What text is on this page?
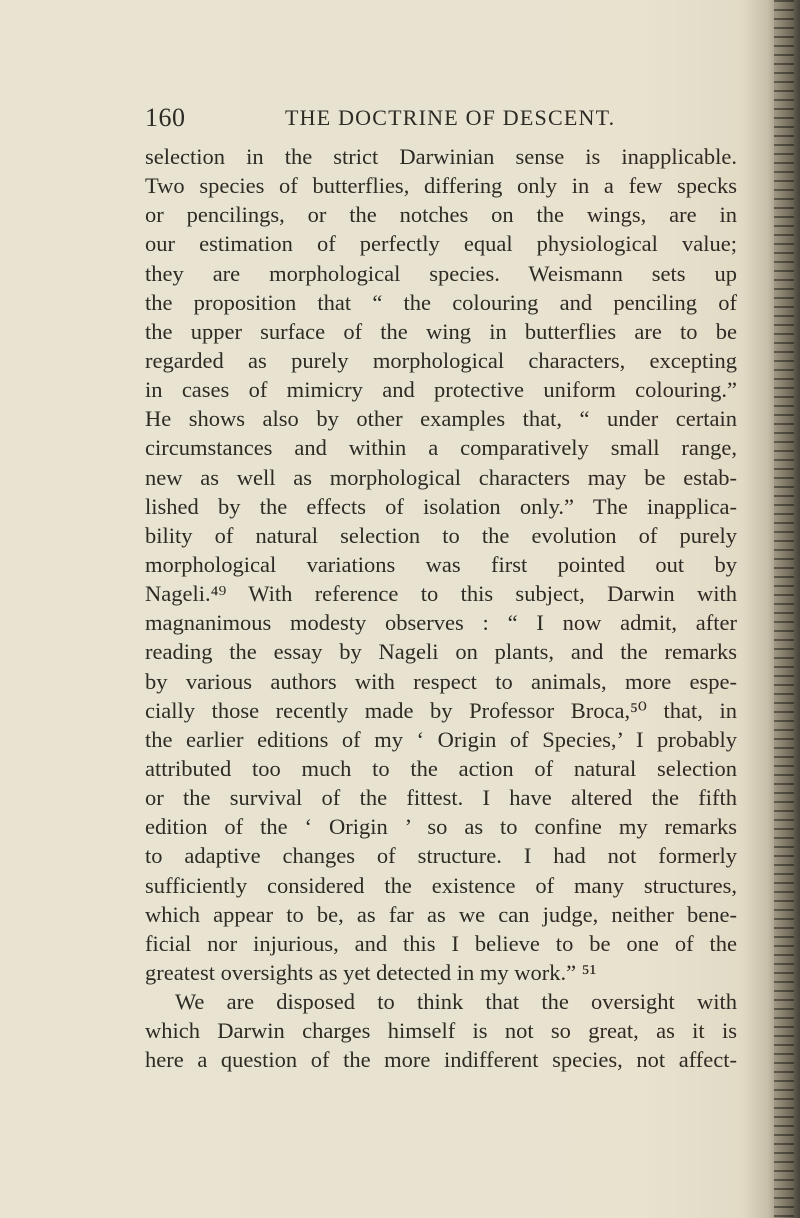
160	THE DOCTRINE OF DESCENT.
selection in the strict Darwinian sense is inapplicable.
Two species of butterflies, differing only in a few specks
or pencilings, or the notches on the wings, are in
our estimation of perfectly equal physiological value;
they are morphological species. Weismann sets up
the proposition that “ the colouring and penciling of
the upper surface of the wing in butterflies are to be
regarded as purely morphological characters, excepting
in cases of mimicry and protective uniform colouring.”
He shows also by other examples that, “ under certain
circumstances and within a comparatively small range,
new as well as morphological characters may be estab-
lished by the effects of isolation only.” The inapplica-
bility of natural selection to the evolution of purely
morphological variations was first pointed out by
Nageli.⁴⁹ With reference to this subject, Darwin with
magnanimous modesty observes : “ I now admit, after
reading the essay by Nageli on plants, and the remarks
by various authors with respect to animals, more espe-
cially those recently made by Professor Broca,⁵⁰ that, in
the earlier editions of my ‘ Origin of Species,’ I probably
attributed too much to the action of natural selection
or the survival of the fittest. I have altered the fifth
edition of the ‘ Origin ’ so as to confine my remarks
to adaptive changes of structure. I had not formerly
sufficiently considered the existence of many structures,
which appear to be, as far as we can judge, neither bene-
ficial nor injurious, and this I believe to be one of the
greatest oversights as yet detected in my work.” ⁵¹
We are disposed to think that the oversight with
which Darwin charges himself is not so great, as it is
here a question of the more indifferent species, not affect-
